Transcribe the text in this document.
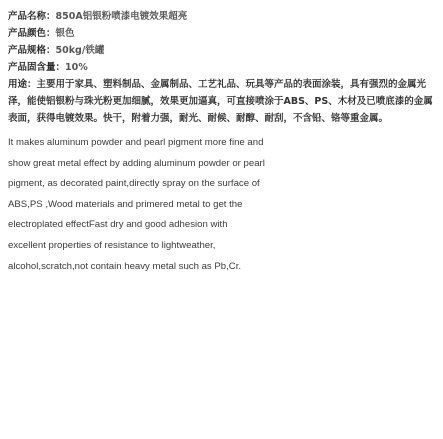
产品名称：850A铝银粉喷漆电镀效果超亮
产品颜色：银色
产品规格：50kg/铁罐
产品固含量：10%

用途：主要用于家具、塑料制品、金属制品、工艺礼品、玩具等产品的表面涂装，具有强烈的金属光泽，能使铝银粉与珠光粉更加细腻，效果更加逼真，可直接喷涂于ABS、PS、木材及已喷底漆的金属表面，获得电镀效果。快干，附着力强，耐光、耐候、耐醇、耐刮，不含铅、铬等重金属。

It makes aluminum powder and pearl pigment more fine and
show great metal effect by adding aluminum powder or pearl
pigment, as decorated paint,directly spray on the surface of
ABS,PS ,Wood materials and primered metal to get the
electroplated effectFast dry and good adhesion with
excellent properties of resistance to lightweather,
alcohol,scratch,not contain heavy metal such as Pb,Cr.
